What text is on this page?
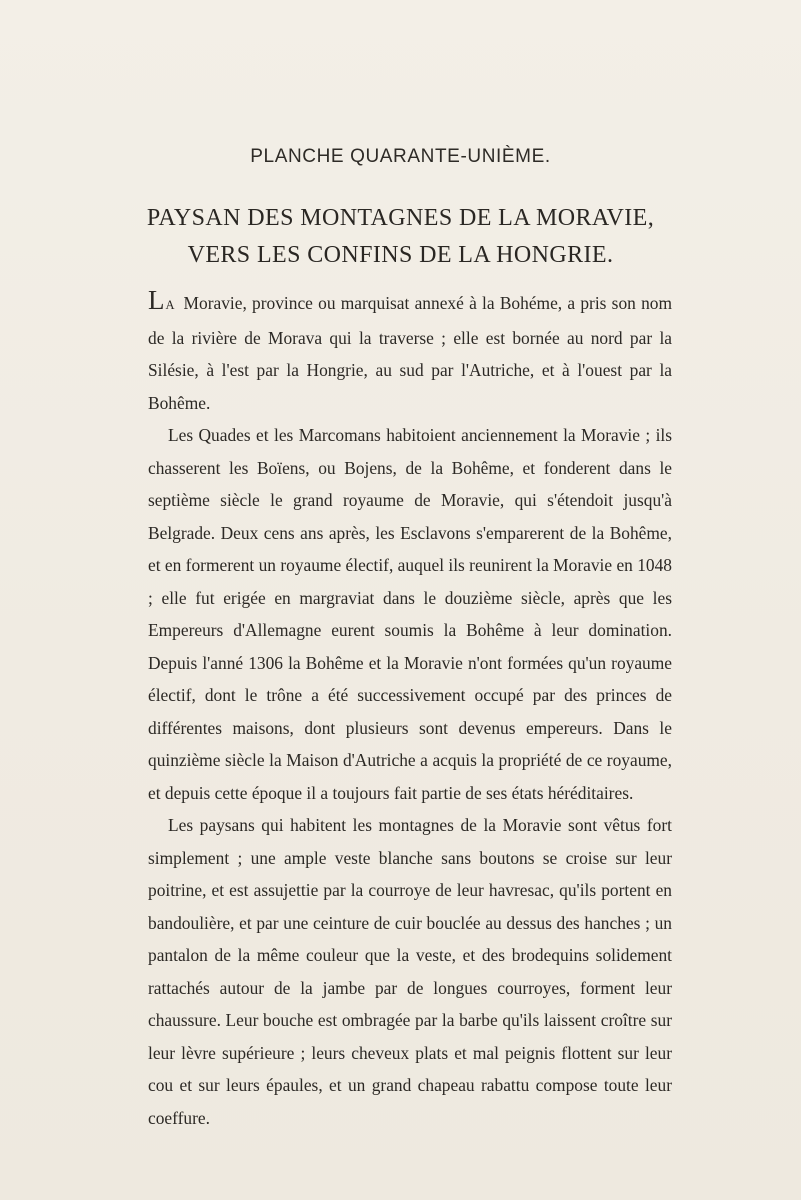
PLANCHE QUARANTE-UNIÈME.
PAYSAN DES MONTAGNES DE LA MORAVIE,
VERS LES CONFINS DE LA HONGRIE.

LA Moravie, province ou marquisat annexé à la Bohéme, a pris son nom de la rivière de Morava qui la traverse ; elle est bornée au nord par la Silésie, à l'est par la Hongrie, au sud par l'Autriche, et à l'ouest par la Bohême.

Les Quades et les Marcomans habitoient anciennement la Moravie ; ils chasserent les Boïens, ou Bojens, de la Bohême, et fonderent dans le septième siècle le grand royaume de Moravie, qui s'étendoit jusqu'à Belgrade. Deux cens ans après, les Esclavons s'emparerent de la Bohême, et en formerent un royaume électif, auquel ils reunirent la Moravie en 1048 ; elle fut erigée en margraviat dans le douzième siècle, après que les Empereurs d'Allemagne eurent soumis la Bohême à leur domination. Depuis l'anné 1306 la Bohême et la Moravie n'ont formées qu'un royaume électif, dont le trône a été successivement occupé par des princes de différentes maisons, dont plusieurs sont devenus empereurs. Dans le quinzième siècle la Maison d'Autriche a acquis la propriété de ce royaume, et depuis cette époque il a toujours fait partie de ses états héréditaires.

Les paysans qui habitent les montagnes de la Moravie sont vêtus fort simplement ; une ample veste blanche sans boutons se croise sur leur poitrine, et est assujettie par la courroye de leur havresac, qu'ils portent en bandoulière, et par une ceinture de cuir bouclée au dessus des hanches ; un pantalon de la même couleur que la veste, et des brodequins solidement rattachés autour de la jambe par de longues courroyes, forment leur chaussure. Leur bouche est ombragée par la barbe qu'ils laissent croître sur leur lèvre supérieure ; leurs cheveux plats et mal peignis flottent sur leur cou et sur leurs épaules, et un grand chapeau rabattu compose toute leur coeffure.
